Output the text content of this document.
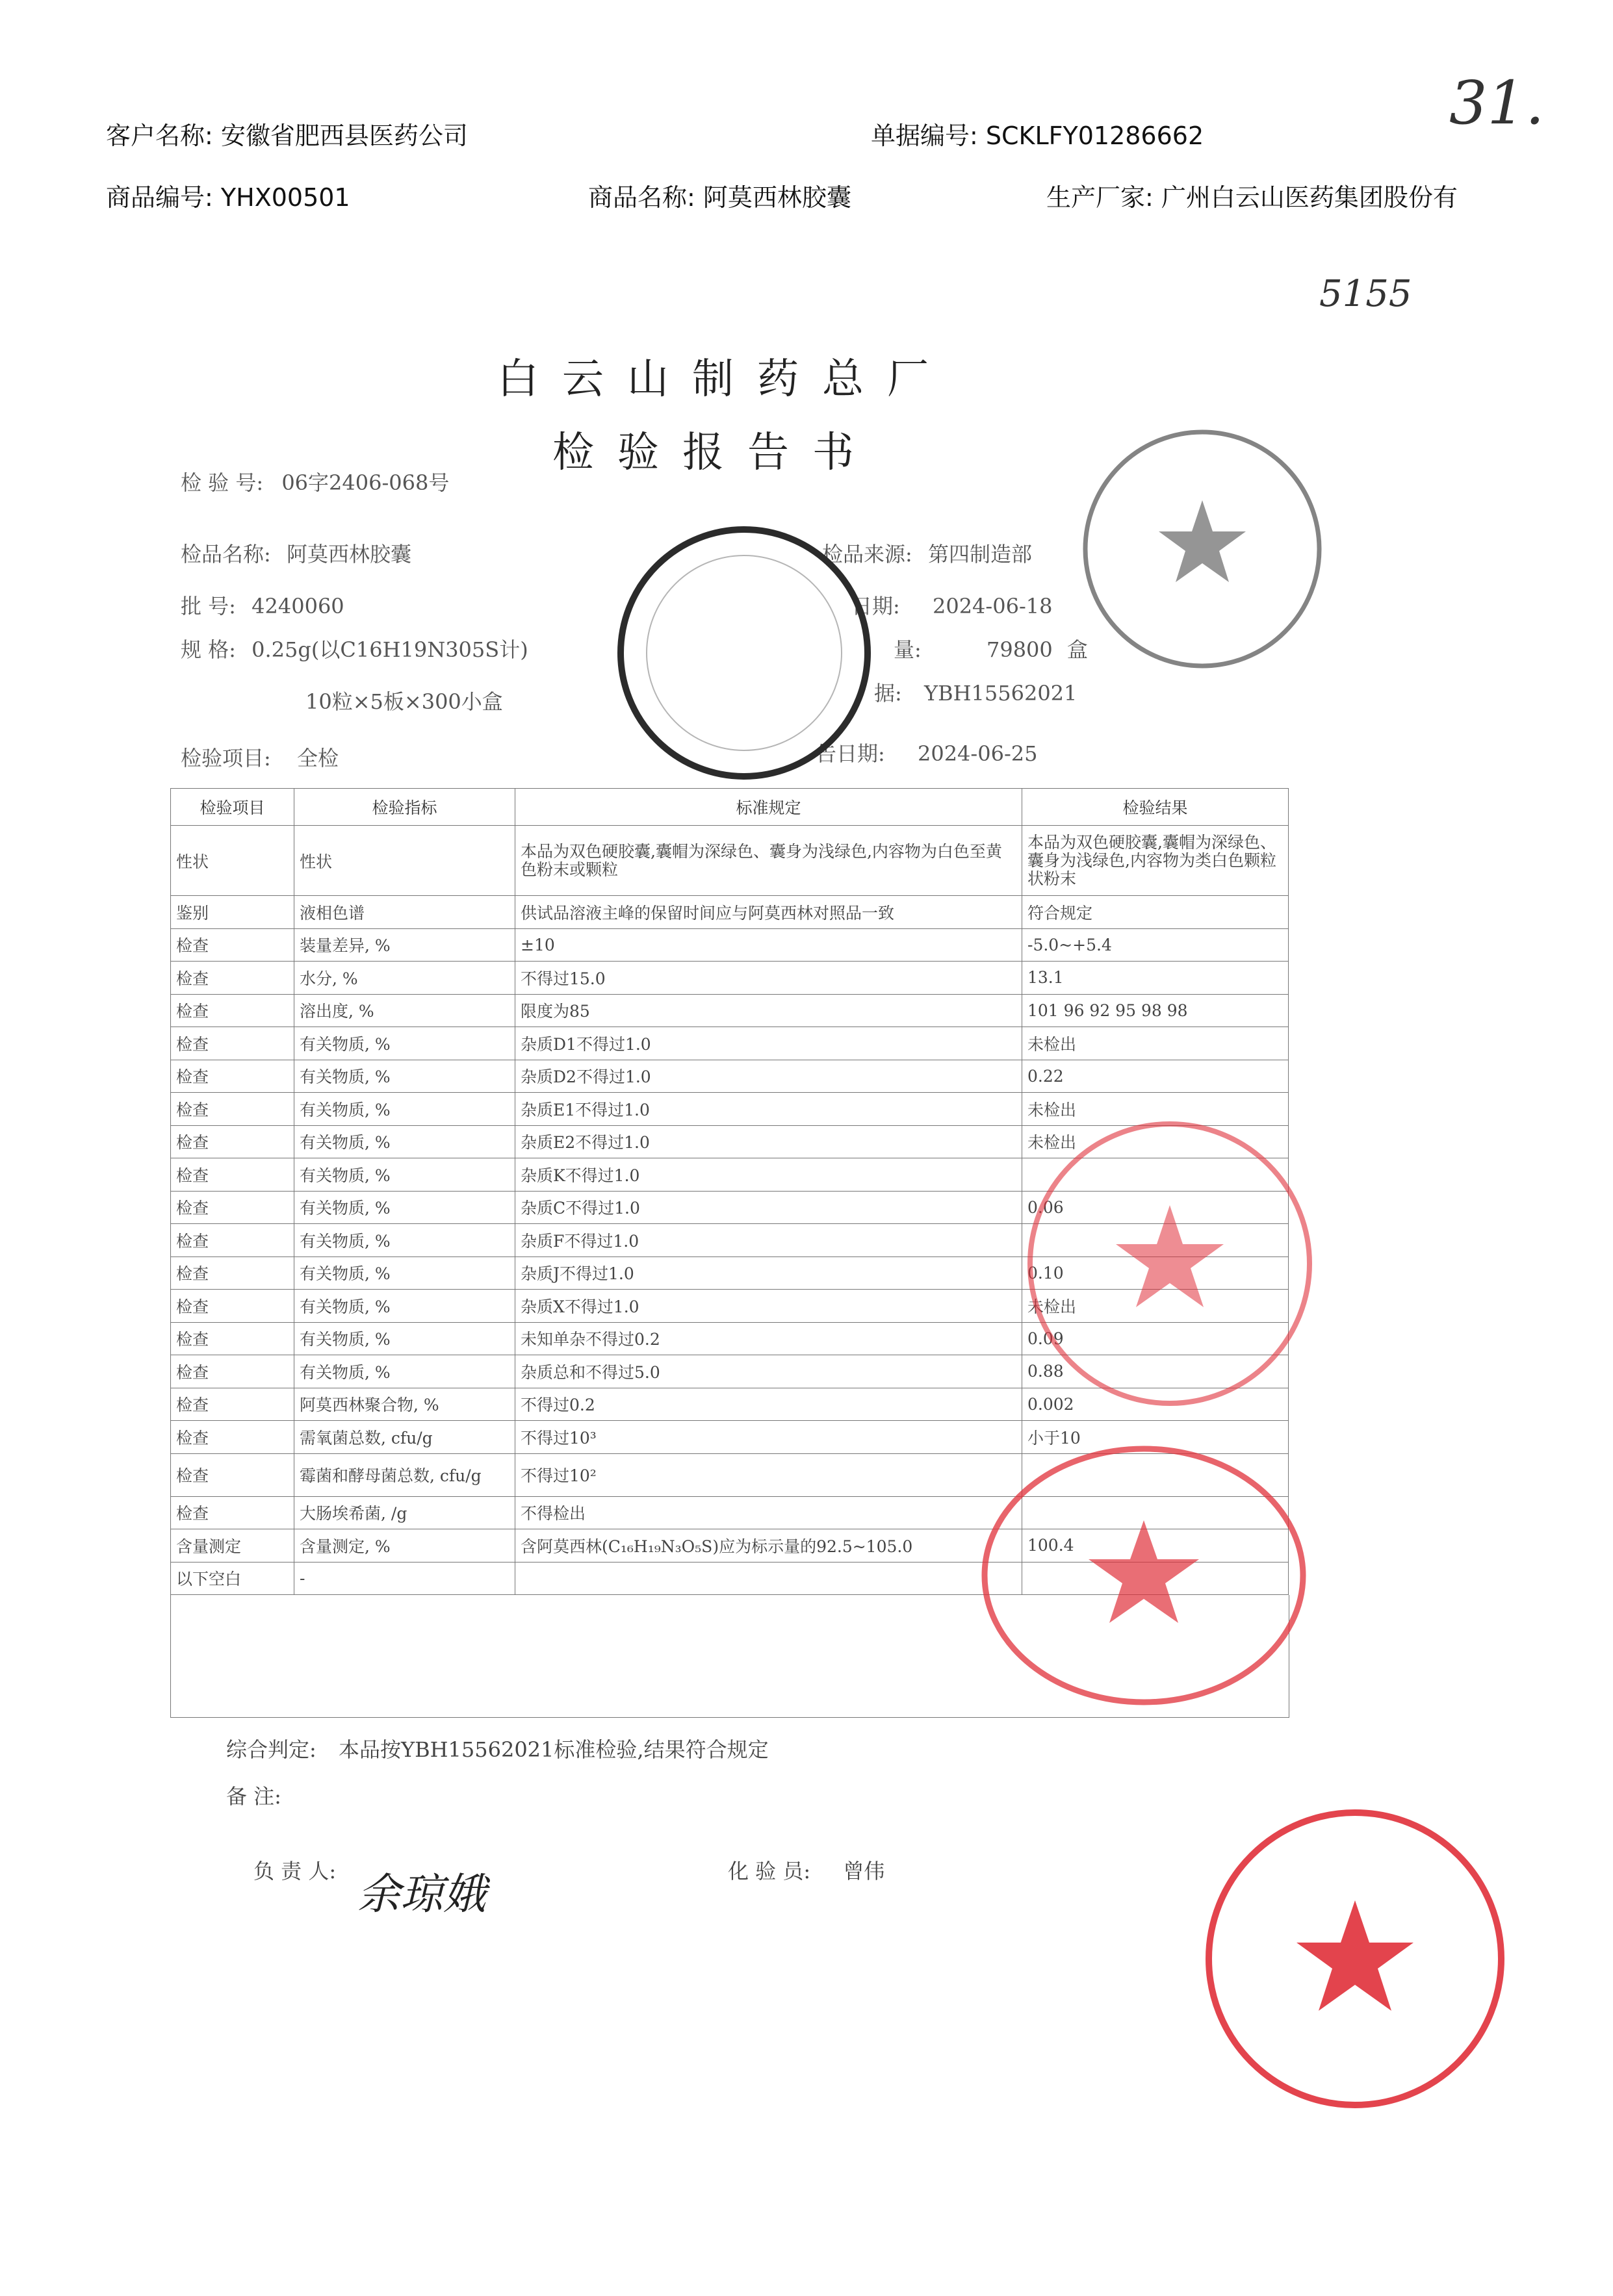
客户名称: 安徽省肥西县医药公司	单据编号: SCKLFY01286662
商品编号: YHX00501	商品名称: 阿莫西林胶囊	生产厂家: 广州白云山医药集团股份有
31.
5155
白云山制药总厂
检验报告书
检 验 号: 06字2406-068号
检品名称: 阿莫西林胶囊	检品来源: 第四制造部
批 号: 4240060	日期: 2024-06-18
规 格: 0.25g(以C16H19N305S计)	量:	79800 盒
10粒×5板×300小盒	据: YBH15562021
检验项目: 全检	告日期: 2024-06-25
检验项目	检验指标	标准规定	检验结果
性状	性状	本品为双色硬胶囊,囊帽为深绿色、囊身为浅绿色,内容物为白色至黄色粉末或颗粒	本品为双色硬胶囊,囊帽为深绿色、囊身为浅绿色,内容物为类白色颗粒状粉末
鉴别	液相色谱	供试品溶液主峰的保留时间应与阿莫西林对照品一致	符合规定
检查	装量差异, %	±10	-5.0~+5.4
检查	水分, %	不得过15.0	13.1
检查	溶出度, %	限度为85	101 96 92 95 98 98
检查	有关物质, %	杂质D1不得过1.0	未检出
检查	有关物质, %	杂质D2不得过1.0	0.22
检查	有关物质, %	杂质E1不得过1.0	未检出
检查	有关物质, %	杂质E2不得过1.0	未检出
检查	有关物质, %	杂质K不得过1.0	
检查	有关物质, %	杂质C不得过1.0	0.06
检查	有关物质, %	杂质F不得过1.0	
检查	有关物质, %	杂质J不得过1.0	0.10
检查	有关物质, %	杂质X不得过1.0	未检出
检查	有关物质, %	未知单杂不得过0.2	0.09
检查	有关物质, %	杂质总和不得过5.0	0.88
检查	阿莫西林聚合物, %	不得过0.2	0.002
检查	需氧菌总数, cfu/g	不得过10³	小于10
检查	霉菌和酵母菌总数, cfu/g	不得过10²	
检查	大肠埃希菌, /g	不得检出	
含量测定	含量测定, %	含阿莫西林(C₁₆H₁₉N₃O₅S)应为标示量的92.5~105.0	100.4
以下空白	-		
综合判定: 本品按YBH15562021标准检验,结果符合规定
备 注:
负 责 人: 余琼娥	化 验 员: 曾伟
